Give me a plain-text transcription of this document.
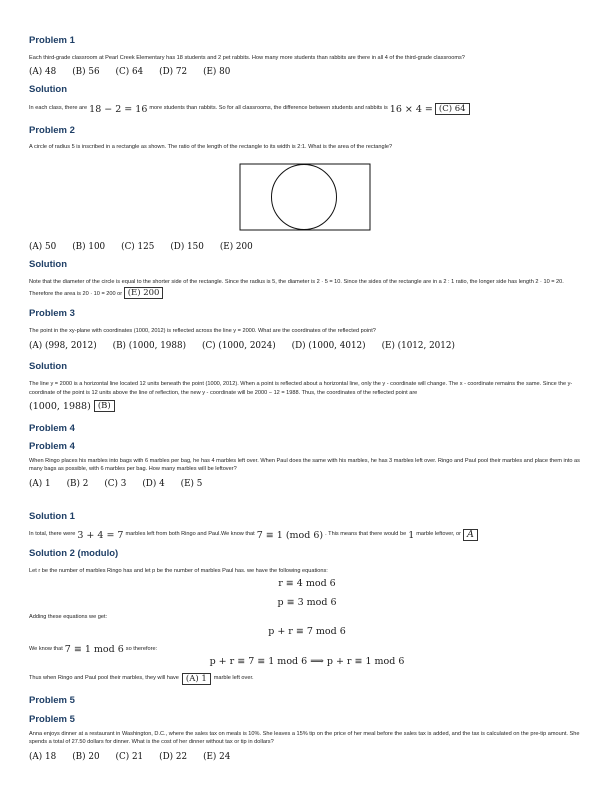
Problem 1
Each third-grade classroom at Pearl Creek Elementary has 18 students and 2 pet rabbits. How many more students than rabbits are there in all 4 of the third-grade classrooms?
(A) 48 (B) 56 (C) 64 (D) 72 (E) 80
Solution
In each class, there are 18 − 2 = 16 more students than rabbits. So for all classrooms, the difference between students and rabbits is 16 × 4 = (C) 64
Problem 2
A circle of radius 5 is inscribed in a rectangle as shown. The ratio of the length of the rectangle to its width is 2:1. What is the area of the rectangle?
(A) 50 (B) 100 (C) 125 (D) 150 (E) 200
Solution
Note that the diameter of the circle is equal to the shorter side of the rectangle. Since the radius is 5, the diameter is 2 · 5 = 10. Since the sides of the rectangle are in a 2 : 1 ratio, the longer side has length 2 · 10 = 20. Therefore the area is 20 · 10 = 200 or (E) 200
Problem 3
The point in the xy-plane with coordinates (1000, 2012) is reflected across the line y = 2000. What are the coordinates of the reflected point?
(A) (998, 2012) (B) (1000, 1988) (C) (1000, 2024) (D) (1000, 4012) (E) (1012, 2012)
Solution
The line y = 2000 is a horizontal line located 12 units beneath the point (1000, 2012). When a point is reflected about a horizontal line, only the y - coordinate will change. The x - coordinate remains the same. Since the y-coordinate of the point is 12 units above the line of reflection, the new y - coordinate will be 2000 − 12 = 1988. Thus, the coordinates of the reflected point are
(1000, 1988) (B)
Problem 4
Problem 4
When Ringo places his marbles into bags with 6 marbles per bag, he has 4 marbles left over. When Paul does the same with his marbles, he has 3 marbles left over. Ringo and Paul pool their marbles and place them into as many bags as possible, with 6 marbles per bag. How many marbles will be leftover?
(A) 1 (B) 2 (C) 3 (D) 4 (E) 5
Solution 1
In total, there were 3 + 4 = 7 marbles left from both Ringo and Paul.We know that 7 ≡ 1 (mod 6) . This means that there would be 1 marble leftover, or A
Solution 2 (modulo)
Let r be the number of marbles Ringo has and let p be the number of marbles Paul has. we have the following equations:
r ≡ 4 mod 6
p ≡ 3 mod 6
Adding these equations we get:
p + r ≡ 7 mod 6
We know that 7 ≡ 1 mod 6 so therefore:
p + r ≡ 7 ≡ 1 mod 6 ⟹ p + r ≡ 1 mod 6
Thus when Ringo and Paul pool their marbles, they will have (A) 1	marble left over.
Problem 5
Problem 5
Anna enjoys dinner at a restaurant in Washington, D.C., where the sales tax on meals is 10%. She leaves a 15% tip on the price of her meal before the sales tax is added, and the tax is calculated on the pre-tip amount. She spends a total of 27.50 dollars for dinner. What is the cost of her dinner without tax or tip in dollars?
(A) 18 (B) 20 (C) 21 (D) 22 (E) 24
